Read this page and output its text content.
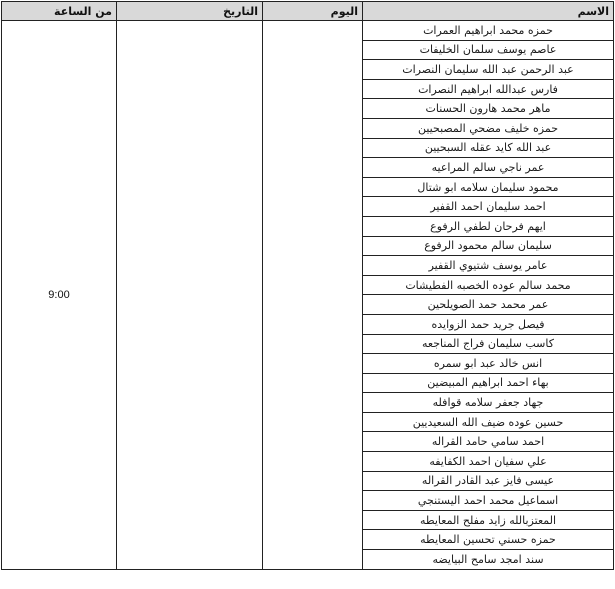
من الساعة	التاريخ	اليوم	الاسم
9:00			حمزه محمد ابراهيم العمرات
			عاصم يوسف سلمان الخليفات
			عبد الرحمن عبد الله سليمان النصرات
			فارس عبدالله ابراهيم النصرات
			ماهر محمد هارون الحسنات
			حمزه خليف مضحي المصبحيين
			عبد الله كايد عقله السبحيين
			عمر ناجي سالم المراعيه
			محمود سليمان سلامه ابو شتال
			احمد سليمان احمد القفير
			ايهم فرحان لطفي الرفوع
			سليمان سالم محمود الرفوع
			عامر يوسف شتيوي القفير
			محمد سالم عوده الخصبه الفطيشات
			عمر محمد حمد الصويلحين
			فيصل جريد حمد الزوايده
			كاسب سليمان فراج المناجعه
			انس خالد عبد ابو سمره
			بهاء احمد ابراهيم المبيضين
			جهاد جعفر سلامه قوافله
			حسين عوده ضيف الله السعيديين
			احمد سامي حامد القراله
			علي سفيان احمد الكفايفه
			عيسى فايز عبد القادر القراله
			اسماعيل محمد احمد اليستنجي
			المعتزبالله زايد مفلح المعايطه
			حمزه حسني تحسين المعايطه
			سند امجد سامح البيايضه
